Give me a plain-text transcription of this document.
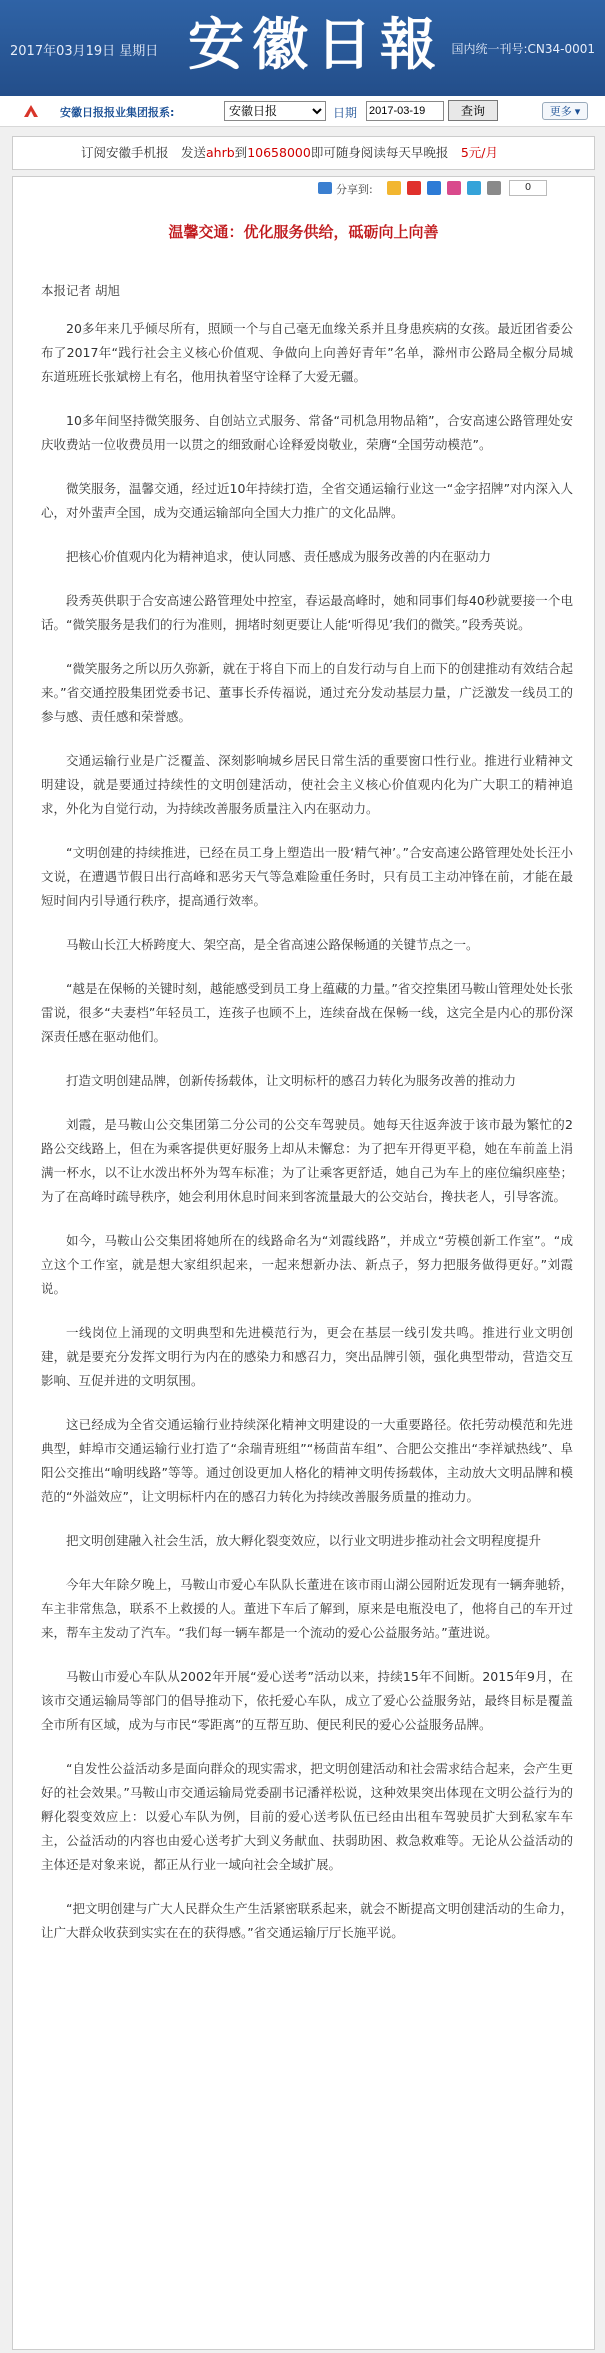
2017年03月19日 星期日 安徽日報 国内统一刊号:CN34-0001
安徽日报报业集团报系:
安徽日报	日期
2017-03-19	查询	更多 ▾
订阅安徽手机报　发送ahrb到10658000即可随身阅读每天早晚报　5元/月
分享到:	0
温馨交通：优化服务供给，砥砺向上向善
本报记者 胡旭

20多年来几乎倾尽所有，照顾一个与自己毫无血缘关系并且身患疾病的女孩。最近团省委公布了2017年“践行社会主义核心价值观、争做向上向善好青年”名单，滁州市公路局全椒分局城东道班班长张斌榜上有名，他用执着坚守诠释了大爱无疆。

10多年间坚持微笑服务、自创站立式服务、常备“司机急用物品箱”，合安高速公路管理处安庆收费站一位收费员用一以贯之的细致耐心诠释爱岗敬业，荣膺“全国劳动模范”。

微笑服务，温馨交通，经过近10年持续打造，全省交通运输行业这一“金字招牌”对内深入人心，对外蜚声全国，成为交通运输部向全国大力推广的文化品牌。

把核心价值观内化为精神追求，使认同感、责任感成为服务改善的内在驱动力

段秀英供职于合安高速公路管理处中控室，春运最高峰时，她和同事们每40秒就要接一个电话。“微笑服务是我们的行为准则，拥堵时刻更要让人能‘听得见’我们的微笑。”段秀英说。

“微笑服务之所以历久弥新，就在于将自下而上的自发行动与自上而下的创建推动有效结合起来。”省交通控股集团党委书记、董事长乔传福说，通过充分发动基层力量，广泛激发一线员工的参与感、责任感和荣誉感。

交通运输行业是广泛覆盖、深刻影响城乡居民日常生活的重要窗口性行业。推进行业精神文明建设，就是要通过持续性的文明创建活动，使社会主义核心价值观内化为广大职工的精神追求，外化为自觉行动，为持续改善服务质量注入内在驱动力。

“文明创建的持续推进，已经在员工身上塑造出一股‘精气神’。”合安高速公路管理处处长汪小文说，在遭遇节假日出行高峰和恶劣天气等急难险重任务时，只有员工主动冲锋在前，才能在最短时间内引导通行秩序，提高通行效率。

马鞍山长江大桥跨度大、架空高，是全省高速公路保畅通的关键节点之一。

“越是在保畅的关键时刻，越能感受到员工身上蕴藏的力量。”省交控集团马鞍山管理处处长张雷说，很多“夫妻档”年轻员工，连孩子也顾不上，连续奋战在保畅一线，这完全是内心的那份深深责任感在驱动他们。

打造文明创建品牌，创新传扬载体，让文明标杆的感召力转化为服务改善的推动力

刘霞，是马鞍山公交集团第二分公司的公交车驾驶员。她每天往返奔波于该市最为繁忙的2路公交线路上，但在为乘客提供更好服务上却从未懈怠：为了把车开得更平稳，她在车前盖上涓满一杯水，以不让水泼出杯外为驾车标准；为了让乘客更舒适，她自己为车上的座位编织座垫；为了在高峰时疏导秩序，她会利用休息时间来到客流量最大的公交站台，搀扶老人，引导客流。

如今，马鞍山公交集团将她所在的线路命名为“刘霞线路”，并成立“劳模创新工作室”。“成立这个工作室，就是想大家组织起来，一起来想新办法、新点子，努力把服务做得更好。”刘霞说。

一线岗位上涌现的文明典型和先进模范行为，更会在基层一线引发共鸣。推进行业文明创建，就是要充分发挥文明行为内在的感染力和感召力，突出品牌引领，强化典型带动，营造交互影响、互促并进的文明氛围。

这已经成为全省交通运输行业持续深化精神文明建设的一大重要路径。依托劳动模范和先进典型，蚌埠市交通运输行业打造了“余瑞青班组”“杨茴苗车组”、合肥公交推出“李祥斌热线”、阜阳公交推出“喻明线路”等等。通过创设更加人格化的精神文明传扬载体，主动放大文明品牌和模范的“外溢效应”，让文明标杆内在的感召力转化为持续改善服务质量的推动力。

把文明创建融入社会生活，放大孵化裂变效应，以行业文明进步推动社会文明程度提升

今年大年除夕晚上，马鞍山市爱心车队队长董进在该市雨山湖公园附近发现有一辆奔驰轿，车主非常焦急，联系不上救援的人。董进下车后了解到，原来是电瓶没电了，他将自己的车开过来，帮车主发动了汽车。“我们每一辆车都是一个流动的爱心公益服务站。”董进说。

马鞍山市爱心车队从2002年开展“爱心送考”活动以来，持续15年不间断。2015年9月，在该市交通运输局等部门的倡导推动下，依托爱心车队，成立了爱心公益服务站，最终目标是覆盖全市所有区域，成为与市民“零距离”的互帮互助、便民利民的爱心公益服务品牌。

“自发性公益活动多是面向群众的现实需求，把文明创建活动和社会需求结合起来，会产生更好的社会效果。”马鞍山市交通运输局党委副书记潘祥松说，这种效果突出体现在文明公益行为的孵化裂变效应上：以爱心车队为例，目前的爱心送考队伍已经由出租车驾驶员扩大到私家车车主，公益活动的内容也由爱心送考扩大到义务献血、扶弱助困、救急救难等。无论从公益活动的主体还是对象来说，都正从行业一域向社会全域扩展。

“把文明创建与广大人民群众生产生活紧密联系起来，就会不断提高文明创建活动的生命力，让广大群众收获到实实在在的获得感。”省交通运输厅厅长施平说。
